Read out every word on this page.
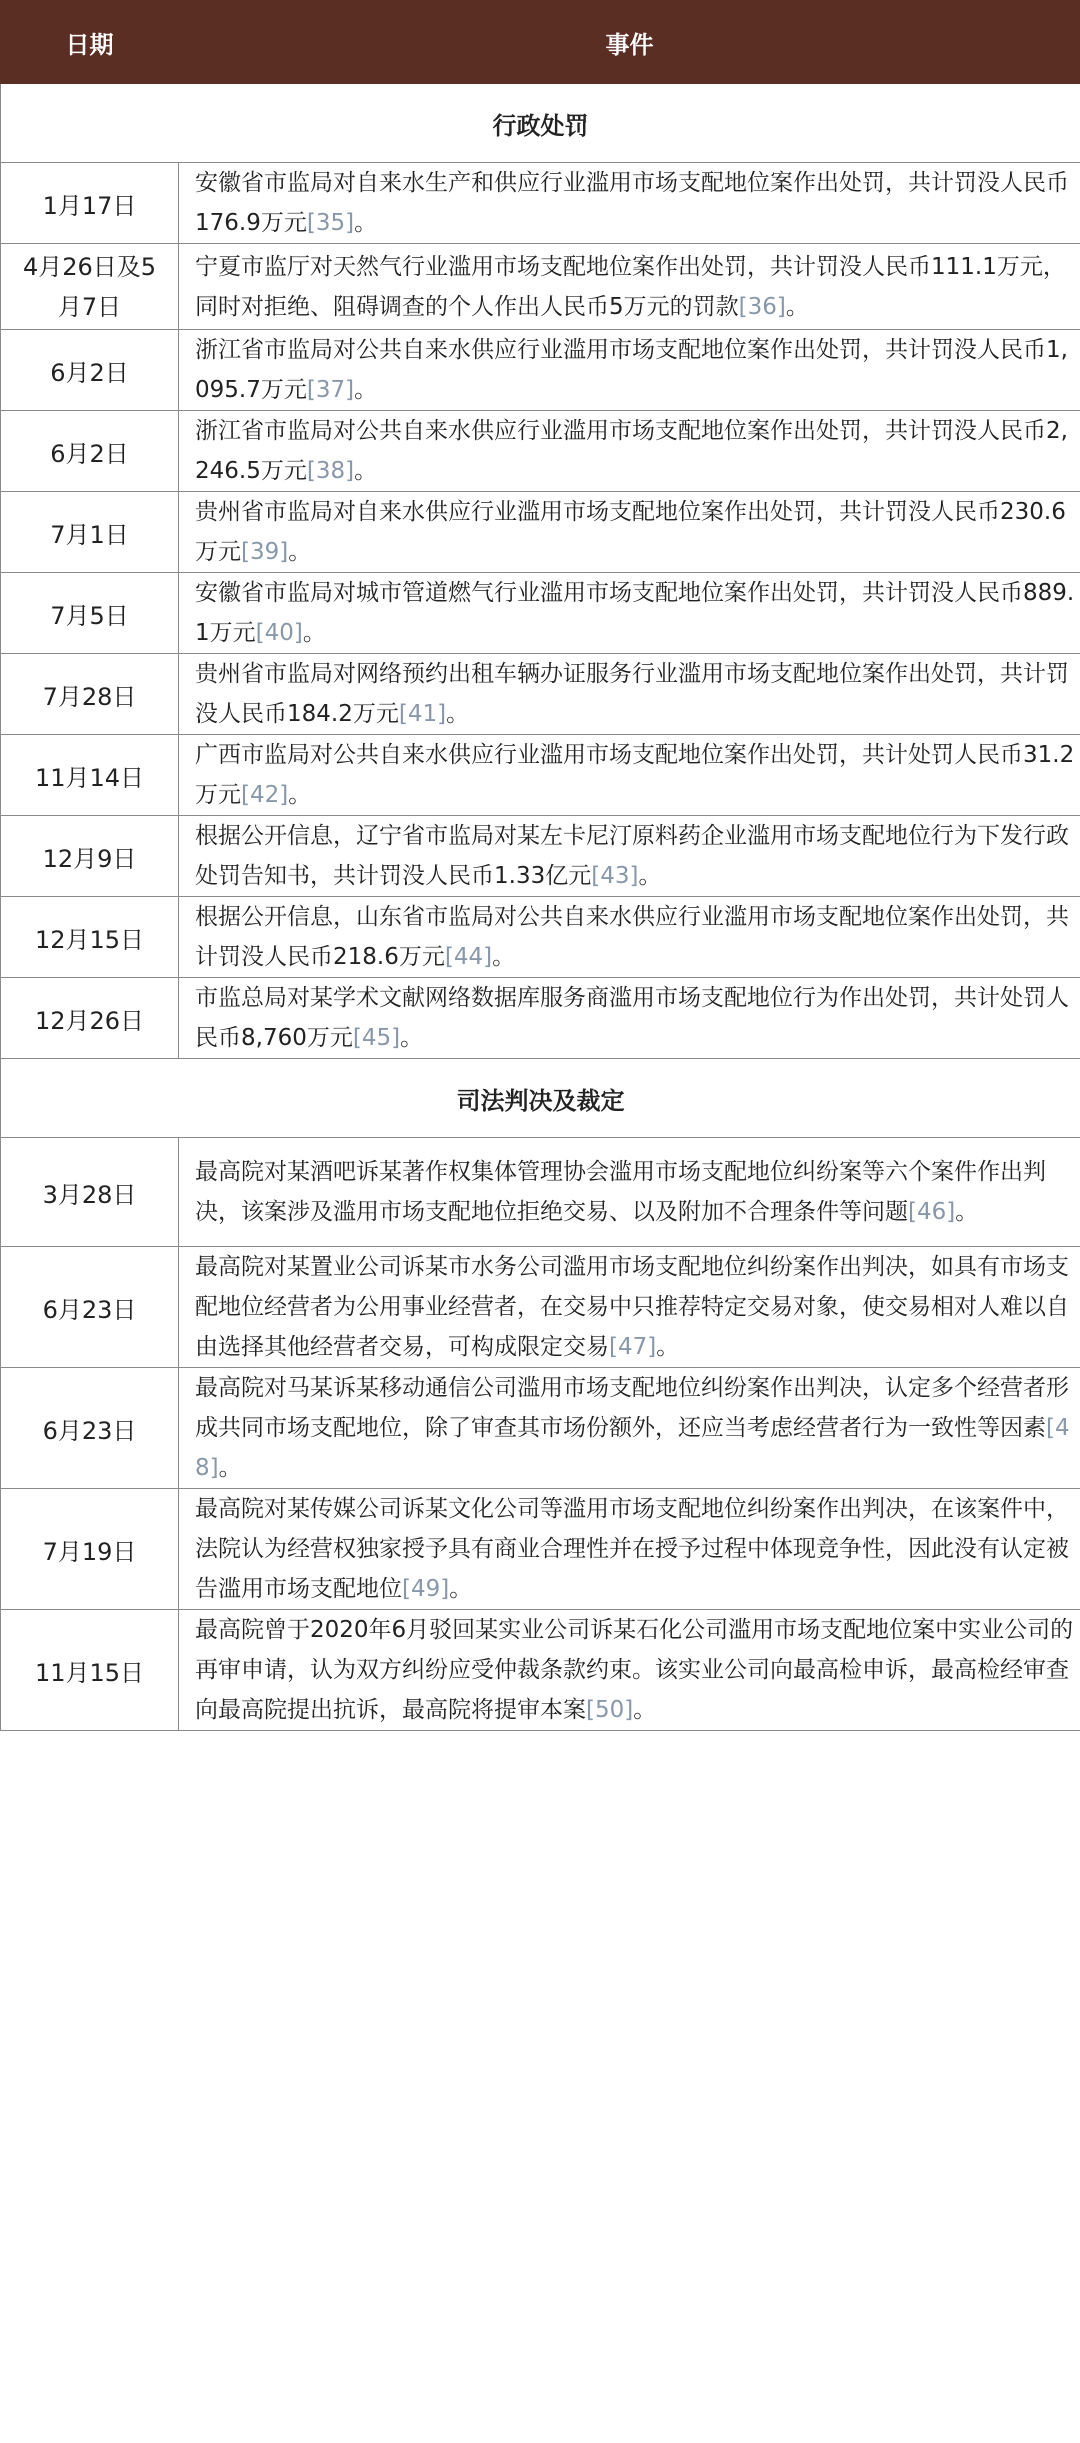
日期	事件
行政处罚	
1月17日	安徽省市监局对自来水生产和供应行业滥用市场支配地位案作出处罚，共计罚没人民币176.9万元[35]。
4月26日及5月7日	宁夏市监厅对天然气行业滥用市场支配地位案作出处罚，共计罚没人民币111.1万元，同时对拒绝、阻碍调查的个人作出人民币5万元的罚款[36]。
6月2日	浙江省市监局对公共自来水供应行业滥用市场支配地位案作出处罚，共计罚没人民币1,095.7万元[37]。
6月2日	浙江省市监局对公共自来水供应行业滥用市场支配地位案作出处罚，共计罚没人民币2,246.5万元[38]。
7月1日	贵州省市监局对自来水供应行业滥用市场支配地位案作出处罚，共计罚没人民币230.6万元[39]。
7月5日	安徽省市监局对城市管道燃气行业滥用市场支配地位案作出处罚，共计罚没人民币889.1万元[40]。
7月28日	贵州省市监局对网络预约出租车辆办证服务行业滥用市场支配地位案作出处罚，共计罚没人民币184.2万元[41]。
11月14日	广西市监局对公共自来水供应行业滥用市场支配地位案作出处罚，共计处罚人民币31.2万元[42]。
12月9日	根据公开信息，辽宁省市监局对某左卡尼汀原料药企业滥用市场支配地位行为下发行政处罚告知书，共计罚没人民币1.33亿元[43]。
12月15日	根据公开信息，山东省市监局对公共自来水供应行业滥用市场支配地位案作出处罚，共计罚没人民币218.6万元[44]。
12月26日	市监总局对某学术文献网络数据库服务商滥用市场支配地位行为作出处罚，共计处罚人民币8,760万元[45]。
司法判决及裁定	
3月28日	最高院对某酒吧诉某著作权集体管理协会滥用市场支配地位纠纷案等六个案件作出判决，该案涉及滥用市场支配地位拒绝交易、以及附加不合理条件等问题[46]。
6月23日	最高院对某置业公司诉某市水务公司滥用市场支配地位纠纷案作出判决，如具有市场支配地位经营者为公用事业经营者，在交易中只推荐特定交易对象，使交易相对人难以自由选择其他经营者交易，可构成限定交易[47]。
6月23日	最高院对马某诉某移动通信公司滥用市场支配地位纠纷案作出判决，认定多个经营者形成共同市场支配地位，除了审查其市场份额外，还应当考虑经营者行为一致性等因素[48]。
7月19日	最高院对某传媒公司诉某文化公司等滥用市场支配地位纠纷案作出判决，在该案件中，法院认为经营权独家授予具有商业合理性并在授予过程中体现竞争性，因此没有认定被告滥用市场支配地位[49]。
11月15日	最高院曾于2020年6月驳回某实业公司诉某石化公司滥用市场支配地位案中实业公司的再审申请，认为双方纠纷应受仲裁条款约束。该实业公司向最高检申诉，最高检经审查向最高院提出抗诉，最高院将提审本案[50]。
